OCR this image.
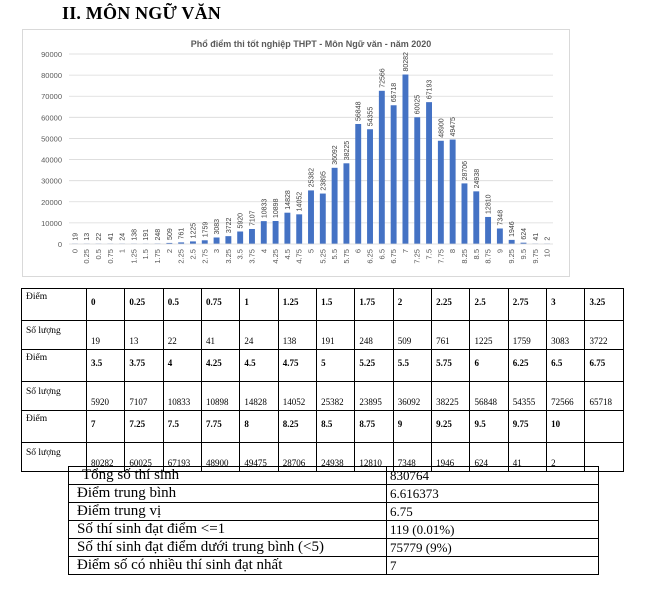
II. MÔN NGỮ VĂN
Phổ điểm thi tốt nghiệp THPT - Môn Ngữ văn - năm 2020
0
10000
20000
30000
40000
50000
60000
70000
80000
90000
19
0
13
0.25
22
0.5
41
0.75
24
1
138
1.25
191
1.5
248
1.75
509
2
761
2.25
1225
2.5
1759
2.75
3083
3
3722
3.25
5920
3.5
7107
3.75
10833
4
10898
4.25
14828
4.5
14052
4.75
25382
5
23895
5.25
36092
5.5
38225
5.75
56848
6
54355
6.25
72566
6.5
65718
6.75
80282
7
60025
7.25
67193
7.5
48900
7.75
49475
8
28706
8.25
24938
8.5
12810
8.75
7348
9
1946
9.25
624
9.5
41
9.75
2
10
Điểm	0	0.25	0.5	0.75	1	1.25	1.5	1.75	2	2.25	2.5	2.75	3	3.25
Số lượng	19	13	22	41	24	138	191	248	509	761	1225	1759	3083	3722
Điểm	3.5	3.75	4	4.25	4.5	4.75	5	5.25	5.5	5.75	6	6.25	6.5	6.75
Số lượng	5920	7107	10833	10898	14828	14052	25382	23895	36092	38225	56848	54355	72566	65718
Điểm	7	7.25	7.5	7.75	8	8.25	8.5	8.75	9	9.25	9.5	9.75	10	
Số lượng	80282	60025	67193	48900	49475	28706	24938	12810	7348	1946	624	41	2	
Tổng số thí sinh	830764
Điểm trung bình	6.616373
Điểm trung vị	6.75
Số thí sinh đạt điểm <=1	119 (0.01%)
Số thí sinh đạt điểm dưới trung bình (<5)	75779 (9%)
Điểm số có nhiều thí sinh đạt nhất	7
